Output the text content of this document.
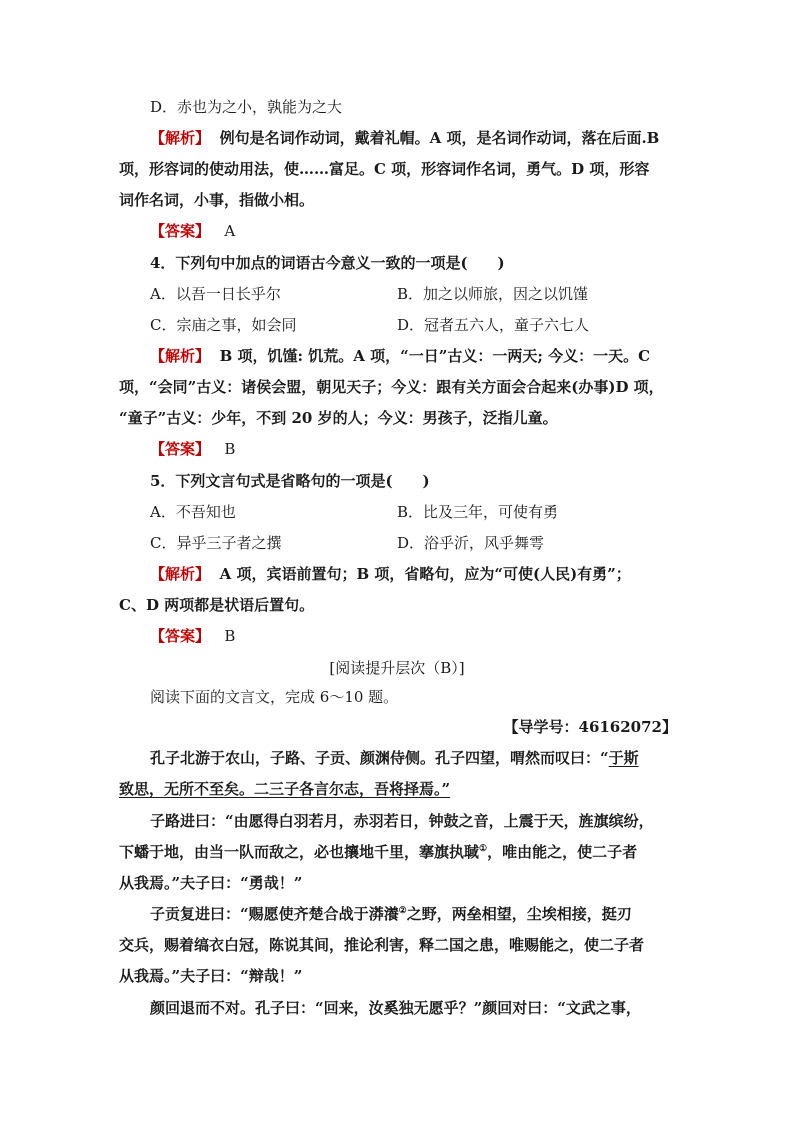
D．赤也为之小，孰能为之大
【 解析 】 例句是名词作动词，戴着礼帽。A 项，是名词作动词，落在后面.B
项，形容词的使动用法，使……富足。C 项，形容词作名词，勇气。D 项，形容
词作名词，小事，指做小相。
【 答案 】 A
4．下列句中加点的词语古今意义一致的一项是(　　)
A．以吾一日长乎尔	B．加之以师旅，因之以饥馑
C．宗庙之事，如会同	D．冠者五六人，童子六七人
【 解析 】 B 项，饥馑: 饥荒。A 项，“一日”古义：一两天; 今义：一天。C
项，“会同”古义：诸侯会盟，朝见天子；今义：跟有关方面会合起来(办事)D 项，
“童子”古义：少年，不到 20 岁的人；今义：男孩子，泛指儿童。
【 答案 】 B
5．下列文言句式是省略句的一项是(　　)
A．不吾知也	B．比及三年，可使有勇
C．异乎三子者之撰	D．浴乎沂，风乎舞雩
【 解析 】 A 项，宾语前置句；B 项，省略句，应为“可使(人民)有勇”；
C、D 两项都是状语后置句。
【 答案 】 B
[阅读提升层次（B）]
阅读下面的文言文，完成 6～10 题。
【导学号：46162072】
孔子北游于农山，子路、子贡、颜渊侍侧。孔子四望，喟然而叹曰：“于斯
致思，无所不至矣。二三子各言尔志，吾将择焉。”
子路进曰：“由愿得白羽若月，赤羽若日，钟鼓之音，上震于天，旌旗缤纷，
下蟠于地，由当一队而敌之，必也攘地千里，搴旗执聝①，唯由能之，使二子者
从我焉。”夫子曰：“勇哉！”
子贡复进曰：“赐愿使齐楚合战于漭瀁②之野，两垒相望，尘埃相接，挺刃
交兵，赐着缟衣白冠，陈说其间，推论利害，释二国之患，唯赐能之，使二子者
从我焉。”夫子曰：“辩哉！”
颜回退而不对。孔子曰：“回来，汝奚独无愿乎？”颜回对曰：“文武之事，
